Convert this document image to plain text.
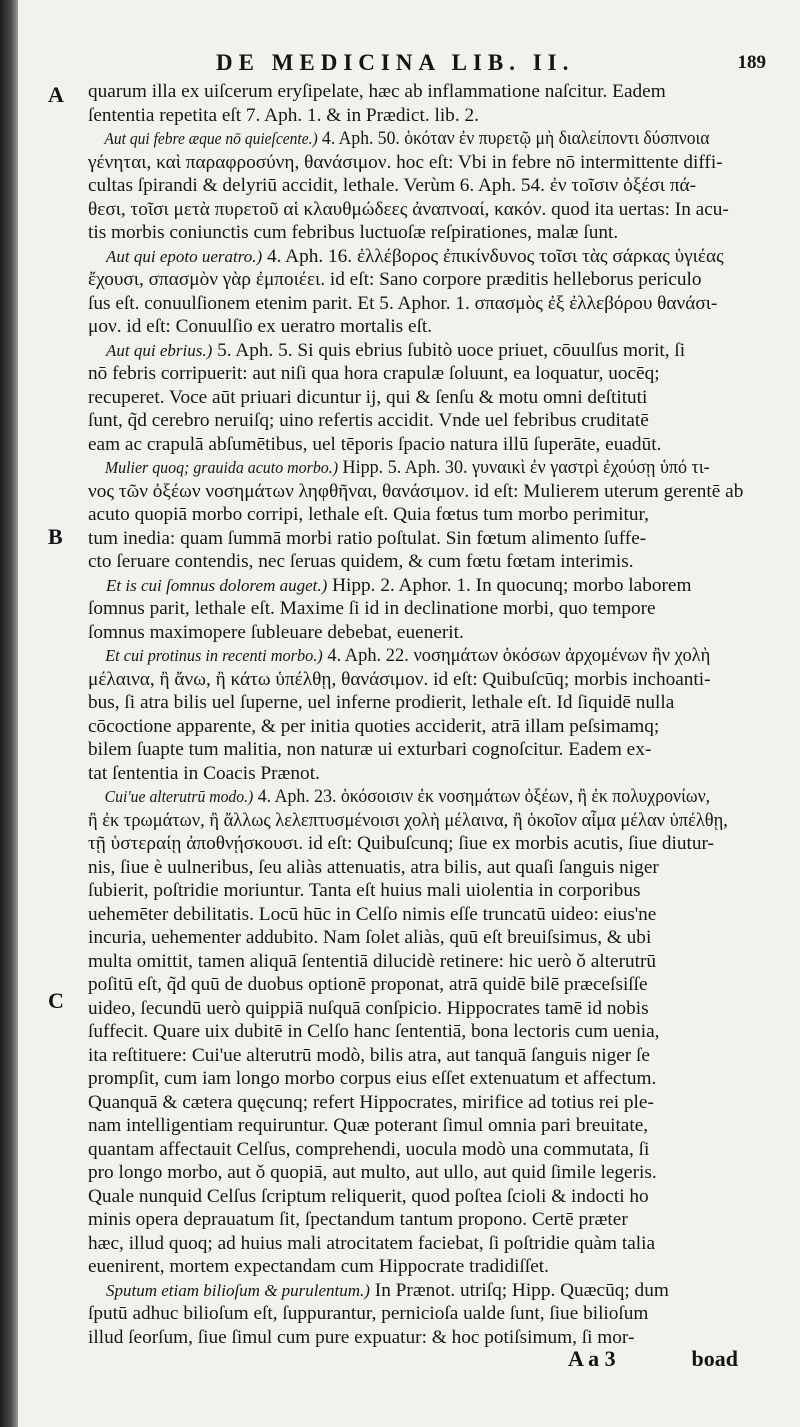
DE MEDICINA LIB. II.	189
A
B
C
quarum illa ex uiſcerum eryſipelate, hæc ab inflammatione naſcitur. Eadem
ſententia repetita eſt 7. Aph. 1. & in Prædict. lib. 2.
Aut qui febre æque nō quieſcente.) 4. Aph. 50. ὁκόταν ἐν πυρετῷ μὴ διαλείποντι δύσπνοια
γένηται, καὶ παραφροσύνη, θανάσιμον. hoc eſt: Vbi in febre nō intermittente diffi-
cultas ſpirandi & delyriū accidit, lethale. Verùm 6. Aph. 54. ἐν τοῖσιν ὀξέσι πά-
θεσι, τοῖσι μετὰ πυρετοῦ αἱ κλαυθμώδεες ἀναπνοαί, κακόν. quod ita uertas: In acu-
tis morbis coniunctis cum febribus luctuoſæ reſpirationes, malæ ſunt.
Aut qui epoto ueratro.) 4. Aph. 16. ἐλλέβορος ἐπικίνδυνος τοῖσι τὰς σάρκας ὑγιέας
ἔχουσι, σπασμὸν γὰρ ἐμποιέει. id eſt: Sano corpore præditis helleborus periculo
ſus eſt. conuulſionem etenim parit. Et 5. Aphor. 1. σπασμὸς ἐξ ἐλλεβόρου θανάσι-
μον. id eſt: Conuulſio ex ueratro mortalis eſt.
Aut qui ebrius.) 5. Aph. 5. Si quis ebrius ſubitò uoce priuet, cōuulſus morit, ſi
nō febris corripuerit: aut niſi qua hora crapulæ ſoluunt, ea loquatur, uocēq;
recuperet. Voce aūt priuari dicuntur ij, qui & ſenſu & motu omni deſtituti
ſunt, q̃d cerebro neruiſq; uino refertis accidit. Vnde uel febribus cruditatē
eam ac crapulā abſumētibus, uel tēporis ſpacio natura illū ſuperāte, euadūt.
Mulier quoq; grauida acuto morbo.) Hipp. 5. Aph. 30. γυναικὶ ἐν γαστρὶ ἐχούσῃ ὑπό τι-
νος τῶν ὀξέων νοσημάτων ληφθῆναι, θανάσιμον. id eſt: Mulierem uterum gerentē ab
acuto quopiā morbo corripi, lethale eſt. Quia fœtus tum morbo perimitur,
tum inedia: quam ſummā morbi ratio poſtulat. Sin fœtum alimento ſuffe-
cto ſeruare contendis, nec ſeruas quidem, & cum fœtu fœtam interimis.
Et is cui ſomnus dolorem auget.) Hipp. 2. Aphor. 1. In quocunq; morbo laborem
ſomnus parit, lethale eſt. Maxime ſi id in declinatione morbi, quo tempore
ſomnus maximopere ſubleuare debebat, euenerit.
Et cui protinus in recenti morbo.) 4. Aph. 22. νοσημάτων ὁκόσων ἀρχομένων ἢν χολὴ
μέλαινα, ἢ ἄνω, ἢ κάτω ὑπέλθῃ, θανάσιμον. id eſt: Quibuſcūq; morbis inchoanti-
bus, ſi atra bilis uel ſuperne, uel inferne prodierit, lethale eſt. Id ſiquidē nulla
cōcoctione apparente, & per initia quoties acciderit, atrā illam peſsimamq;
bilem ſuapte tum malitia, non naturæ ui exturbari cognoſcitur. Eadem ex-
tat ſententia in Coacis Prænot.
Cui'ue alterutrū modo.) 4. Aph. 23. ὁκόσοισιν ἐκ νοσημάτων ὀξέων, ἢ ἐκ πολυχρονίων,
ἢ ἐκ τρωμάτων, ἢ ἄλλως λελεπτυσμένοισι χολὴ μέλαινα, ἢ ὁκοῖον αἷμα μέλαν ὑπέλθῃ,
τῇ ὑστεραίῃ ἀποθνῄσκουσι. id eſt: Quibuſcunq; ſiue ex morbis acutis, ſiue diutur-
nis, ſiue è uulneribus, ſeu aliàs attenuatis, atra bilis, aut quaſi ſanguis niger
ſubierit, poſtridie moriuntur. Tanta eſt huius mali uiolentia in corporibus
uehemēter debilitatis. Locū hūc in Celſo nimis eſſe truncatū uideo: eius'ne
incuria, uehementer addubito. Nam ſolet aliàs, quū eſt breuiſsimus, & ubi
multa omittit, tamen aliquā ſententiā dilucidè retinere: hic uerò ǒ alterutrū
poſitū eſt, q̃d quū de duobus optionē proponat, atrā quidē bilē præceſsiſſe
uideo, ſecundū uerò quippiā nuſquā conſpicio. Hippocrates tamē id nobis
ſuffecit. Quare uix dubitē in Celſo hanc ſententiā, bona lectoris cum uenia,
ita reſtituere: Cui'ue alterutrū modò, bilis atra, aut tanquā ſanguis niger ſe
prompſit, cum iam longo morbo corpus eius eſſet extenuatum et affectum.
Quanquā & cætera quęcunq; refert Hippocrates, mirifice ad totius rei ple-
nam intelligentiam requiruntur. Quæ poterant ſimul omnia pari breuitate,
quantam affectauit Celſus, comprehendi, uocula modò una commutata, ſi
pro longo morbo, aut ǒ quopiā, aut multo, aut ullo, aut quid ſimile legeris.
Quale nunquid Celſus ſcriptum reliquerit, quod poſtea ſcioli & indocti ho
minis opera deprauatum ſit, ſpectandum tantum propono. Certē præter
hæc, illud quoq; ad huius mali atrocitatem faciebat, ſi poſtridie quàm talia
euenirent, mortem expectandam cum Hippocrate tradidiſſet.
Sputum etiam bilioſum & purulentum.) In Prænot. utriſq; Hipp. Quæcūq; dum
ſputū adhuc bilioſum eſt, ſuppurantur, pernicioſa ualde ſunt, ſiue bilioſum
illud ſeorſum, ſiue ſimul cum pure expuatur: & hoc potiſsimum, ſi mor-
A a 3	boad
